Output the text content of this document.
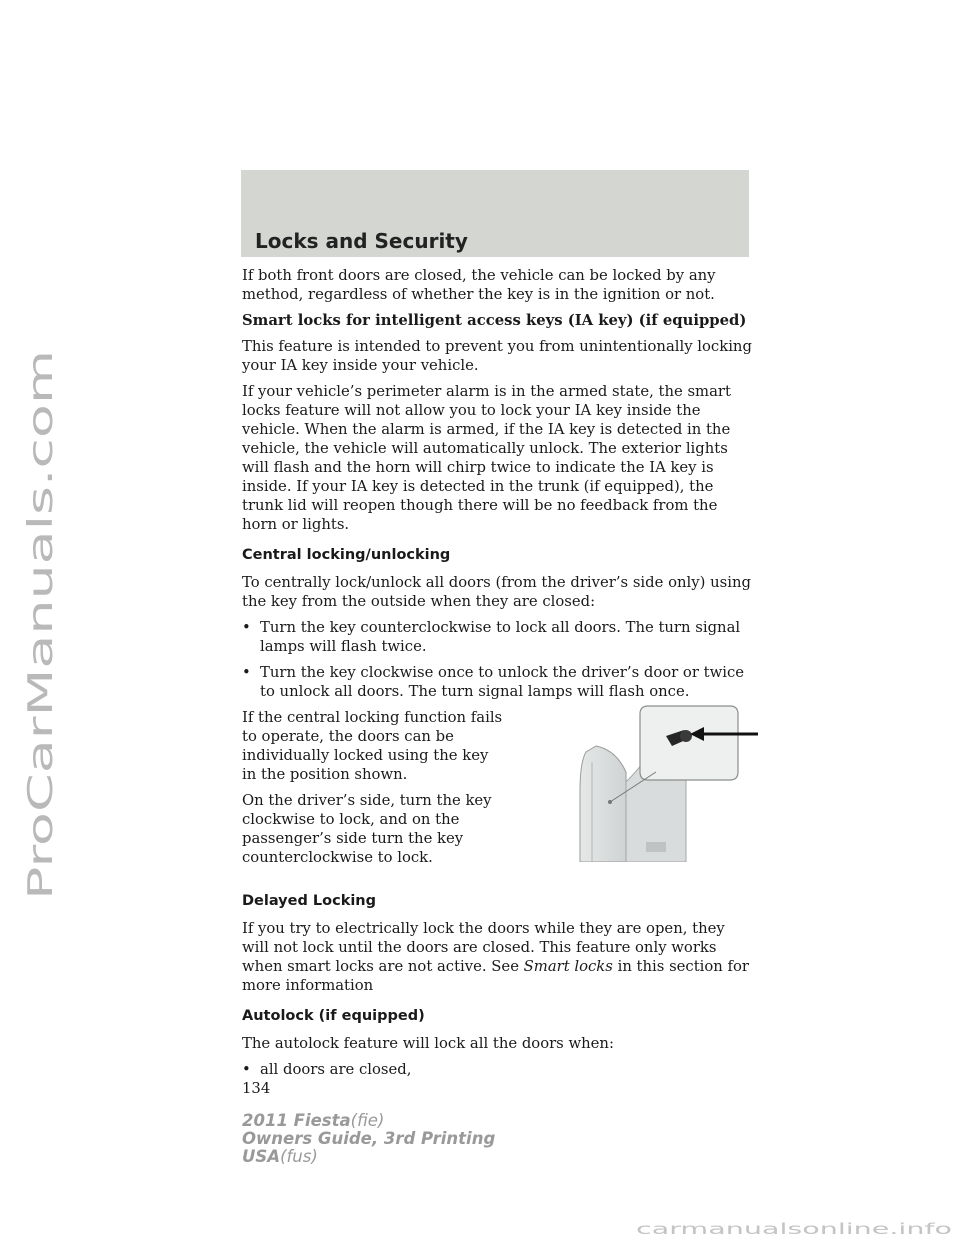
ProCarManuals.com
Locks and Security

If both front doors are closed, the vehicle can be locked by any method, regardless of whether the key is in the ignition or not.

Smart locks for intelligent access keys (IA key) (if equipped)

This feature is intended to prevent you from unintentionally locking your IA key inside your vehicle.

If your vehicle’s perimeter alarm is in the armed state, the smart locks feature will not allow you to lock your IA key inside the vehicle. When the alarm is armed, if the IA key is detected in the vehicle, the vehicle will automatically unlock. The exterior lights will flash and the horn will chirp twice to indicate the IA key is inside. If your IA key is detected in the trunk (if equipped), the trunk lid will reopen though there will be no feedback from the horn or lights.

Central locking/unlocking

To centrally lock/unlock all doors (from the driver’s side only) using the key from the outside when they are closed:

• Turn the key counterclockwise to lock all doors. The turn signal lamps will flash twice.
• Turn the key clockwise once to unlock the driver’s door or twice to unlock all doors. The turn signal lamps will flash once.

If the central locking function fails to operate, the doors can be individually locked using the key in the position shown.

On the driver’s side, turn the key clockwise to lock, and on the passenger’s side turn the key counterclockwise to lock.

Delayed Locking

If you try to electrically lock the doors while they are open, they will not lock until the doors are closed. This feature only works when smart locks are not active. See Smart locks in this section for more information

Autolock (if equipped)

The autolock feature will lock all the doors when:

• all doors are closed,

134

2011 Fiesta(fie)
Owners Guide, 3rd Printing
USA(fus)
carmanualsonline.info
